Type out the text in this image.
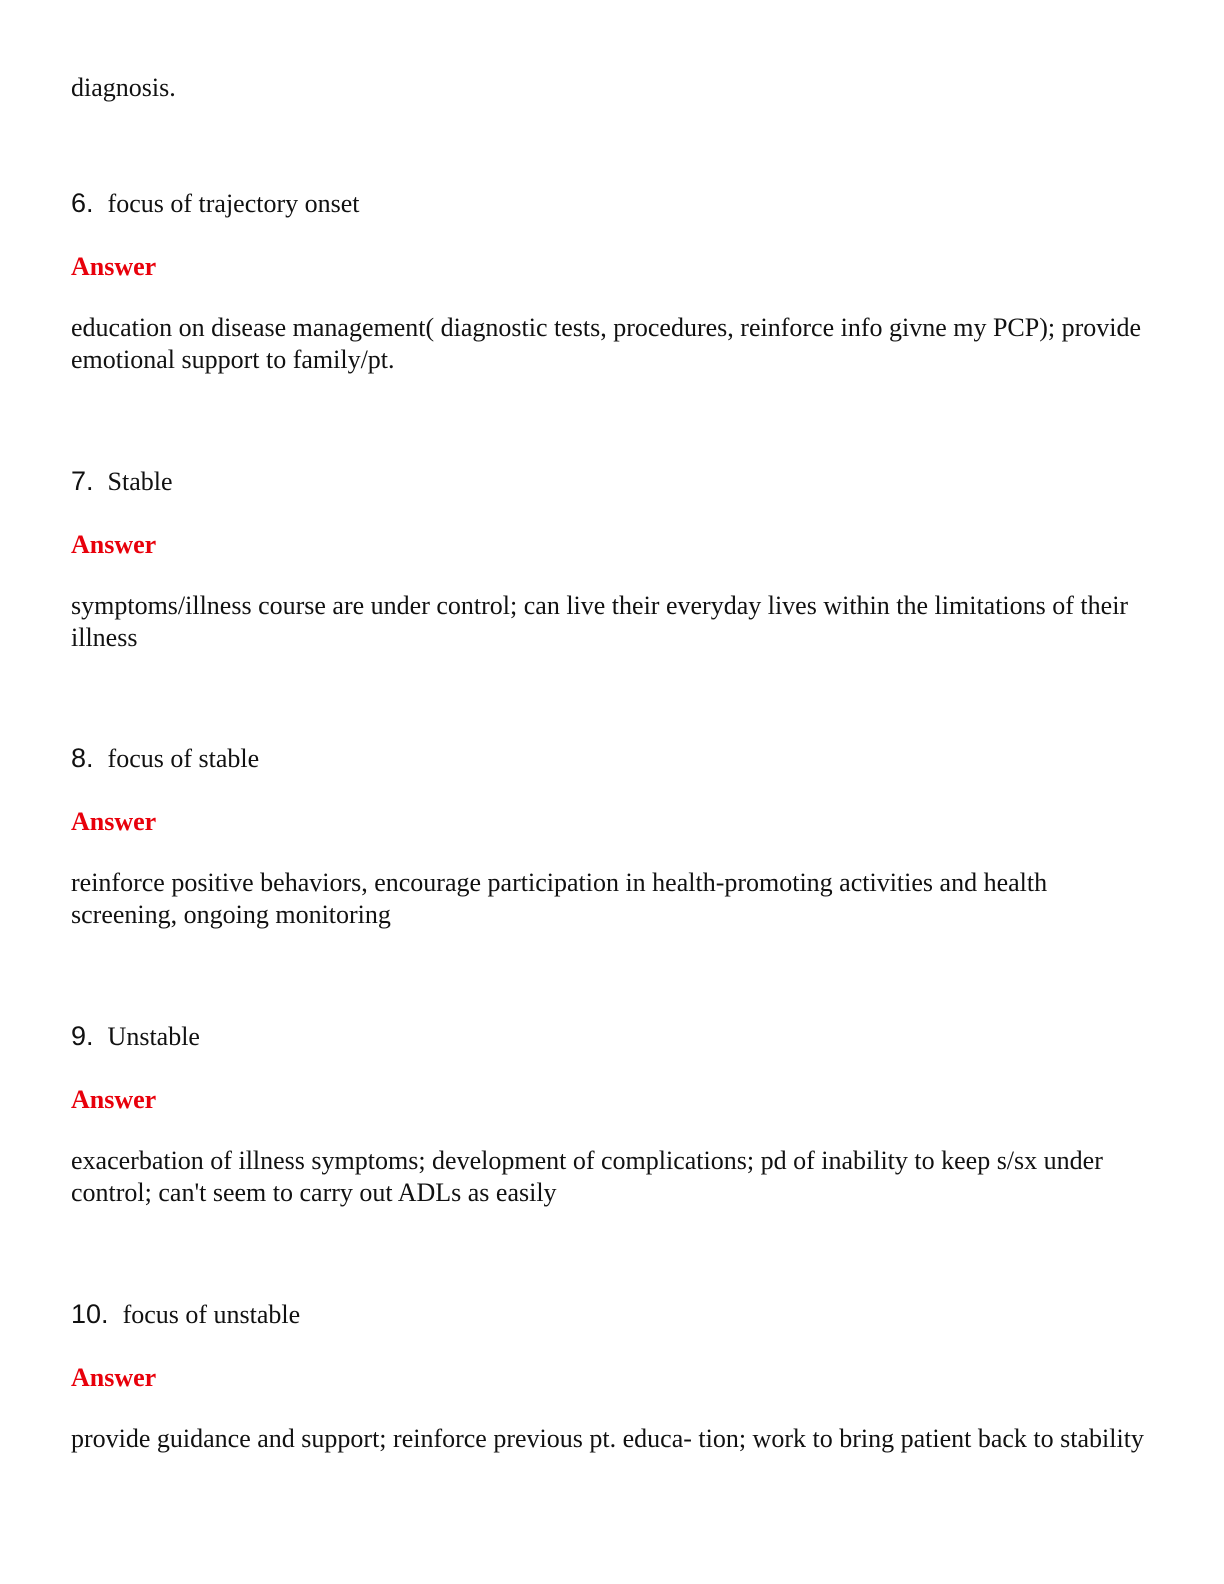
diagnosis.

6 . focus of trajectory onset

Answer

education on disease management( diagnostic tests, procedures, reinforce info givne my PCP); provide emotional support to family/pt.

7 . Stable

Answer

symptoms/illness course are under control; can live their everyday lives within the limitations of their illness

8 . focus of stable

Answer

reinforce positive behaviors, encourage participation in health-promoting activities and health screening, ongoing monitoring

9 . Unstable

Answer

exacerbation of illness symptoms; development of complications; pd of inability to keep s/sx under control; can't seem to carry out ADLs as easily

10 . focus of unstable

Answer

provide guidance and support; reinforce previous pt. educa- tion; work to bring patient back to stability
